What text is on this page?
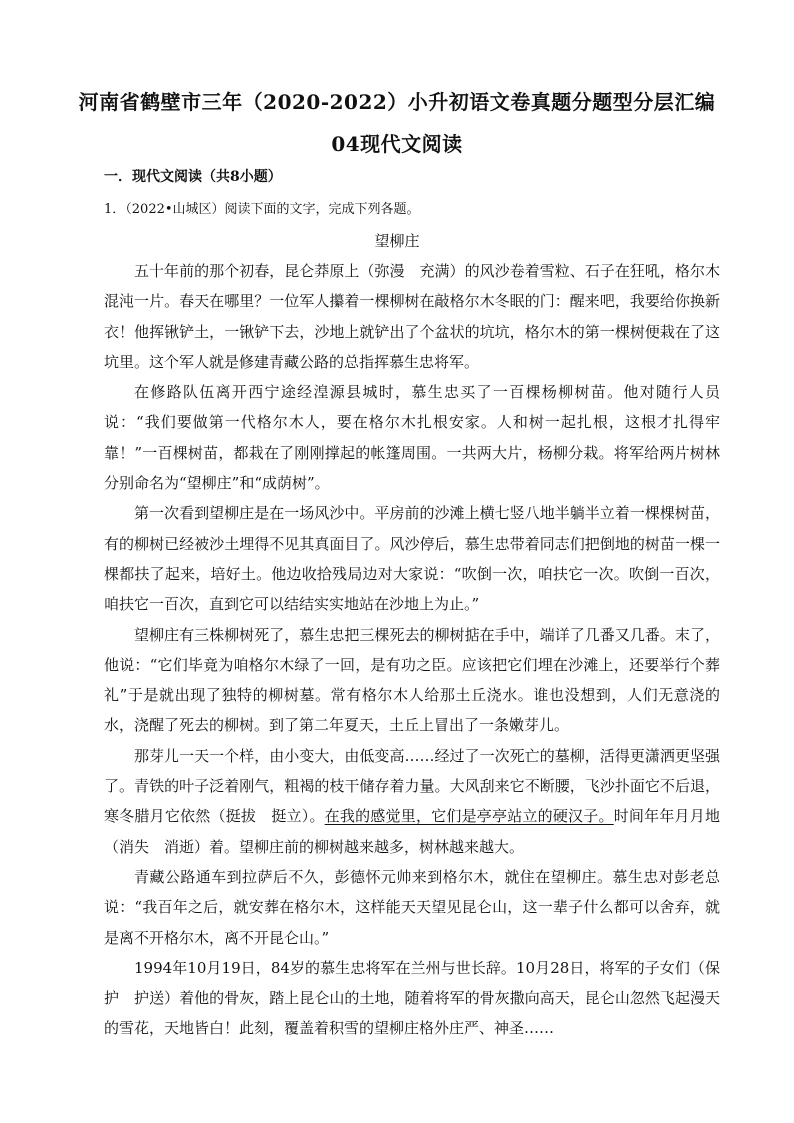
河南省鹤壁市三年（2020-2022）小升初语文卷真题分题型分层汇编
04现代文阅读
一．现代文阅读（共8小题）
1．（2022•山城区）阅读下面的文字，完成下列各题。
望柳庄

五十年前的那个初春，昆仑莽原上（弥漫　充满）的风沙卷着雪粒、石子在狂吼，格尔木混沌一片。春天在哪里？一位军人攥着一棵柳树在敲格尔木冬眠的门：醒来吧，我要给你换新衣！他挥锹铲土，一锹铲下去，沙地上就铲出了个盆状的坑坑，格尔木的第一棵树便栽在了这坑里。这个军人就是修建青藏公路的总指挥慕生忠将军。

在修路队伍离开西宁途经湟源县城时，慕生忠买了一百棵杨柳树苗。他对随行人员说：“我们要做第一代格尔木人，要在格尔木扎根安家。人和树一起扎根，这根才扎得牢靠！”一百棵树苗，都栽在了刚刚撑起的帐篷周围。一共两大片，杨柳分栽。将军给两片树林分别命名为“望柳庄”和“成荫树”。

第一次看到望柳庄是在一场风沙中。平房前的沙滩上横七竖八地半躺半立着一棵棵树苗，有的柳树已经被沙土埋得不见其真面目了。风沙停后，慕生忠带着同志们把倒地的树苗一棵一棵都扶了起来，培好土。他边收拾残局边对大家说：“吹倒一次，咱扶它一次。吹倒一百次，咱扶它一百次，直到它可以结结实实地站在沙地上为止。”

望柳庄有三株柳树死了，慕生忠把三棵死去的柳树掂在手中，端详了几番又几番。末了，他说：“它们毕竟为咱格尔木绿了一回，是有功之臣。应该把它们埋在沙滩上，还要举行个葬礼”于是就出现了独特的柳树墓。常有格尔木人给那土丘浇水。谁也没想到，人们无意浇的水，浇醒了死去的柳树。到了第二年夏天，土丘上冒出了一条嫩芽儿。

那芽儿一天一个样，由小变大，由低变高……经过了一次死亡的墓柳，活得更潇洒更坚强了。青铁的叶子泛着刚气，粗褐的枝干储存着力量。大风刮来它不断腰，飞沙扑面它不后退，寒冬腊月它依然（挺拔　挺立）。在我的感觉里，它们是亭亭站立的硬汉子。时间年年月月地（消失　消逝）着。望柳庄前的柳树越来越多，树林越来越大。

青藏公路通车到拉萨后不久，彭德怀元帅来到格尔木，就住在望柳庄。慕生忠对彭老总说：“我百年之后，就安葬在格尔木，这样能天天望见昆仑山，这一辈子什么都可以舍弃，就是离不开格尔木，离不开昆仑山。”

1994年10月19日，84岁的慕生忠将军在兰州与世长辞。10月28日，将军的子女们（保护　护送）着他的骨灰，踏上昆仑山的土地，随着将军的骨灰撒向高天，昆仑山忽然飞起漫天的雪花，天地皆白！此刻，覆盖着积雪的望柳庄格外庄严、神圣……
